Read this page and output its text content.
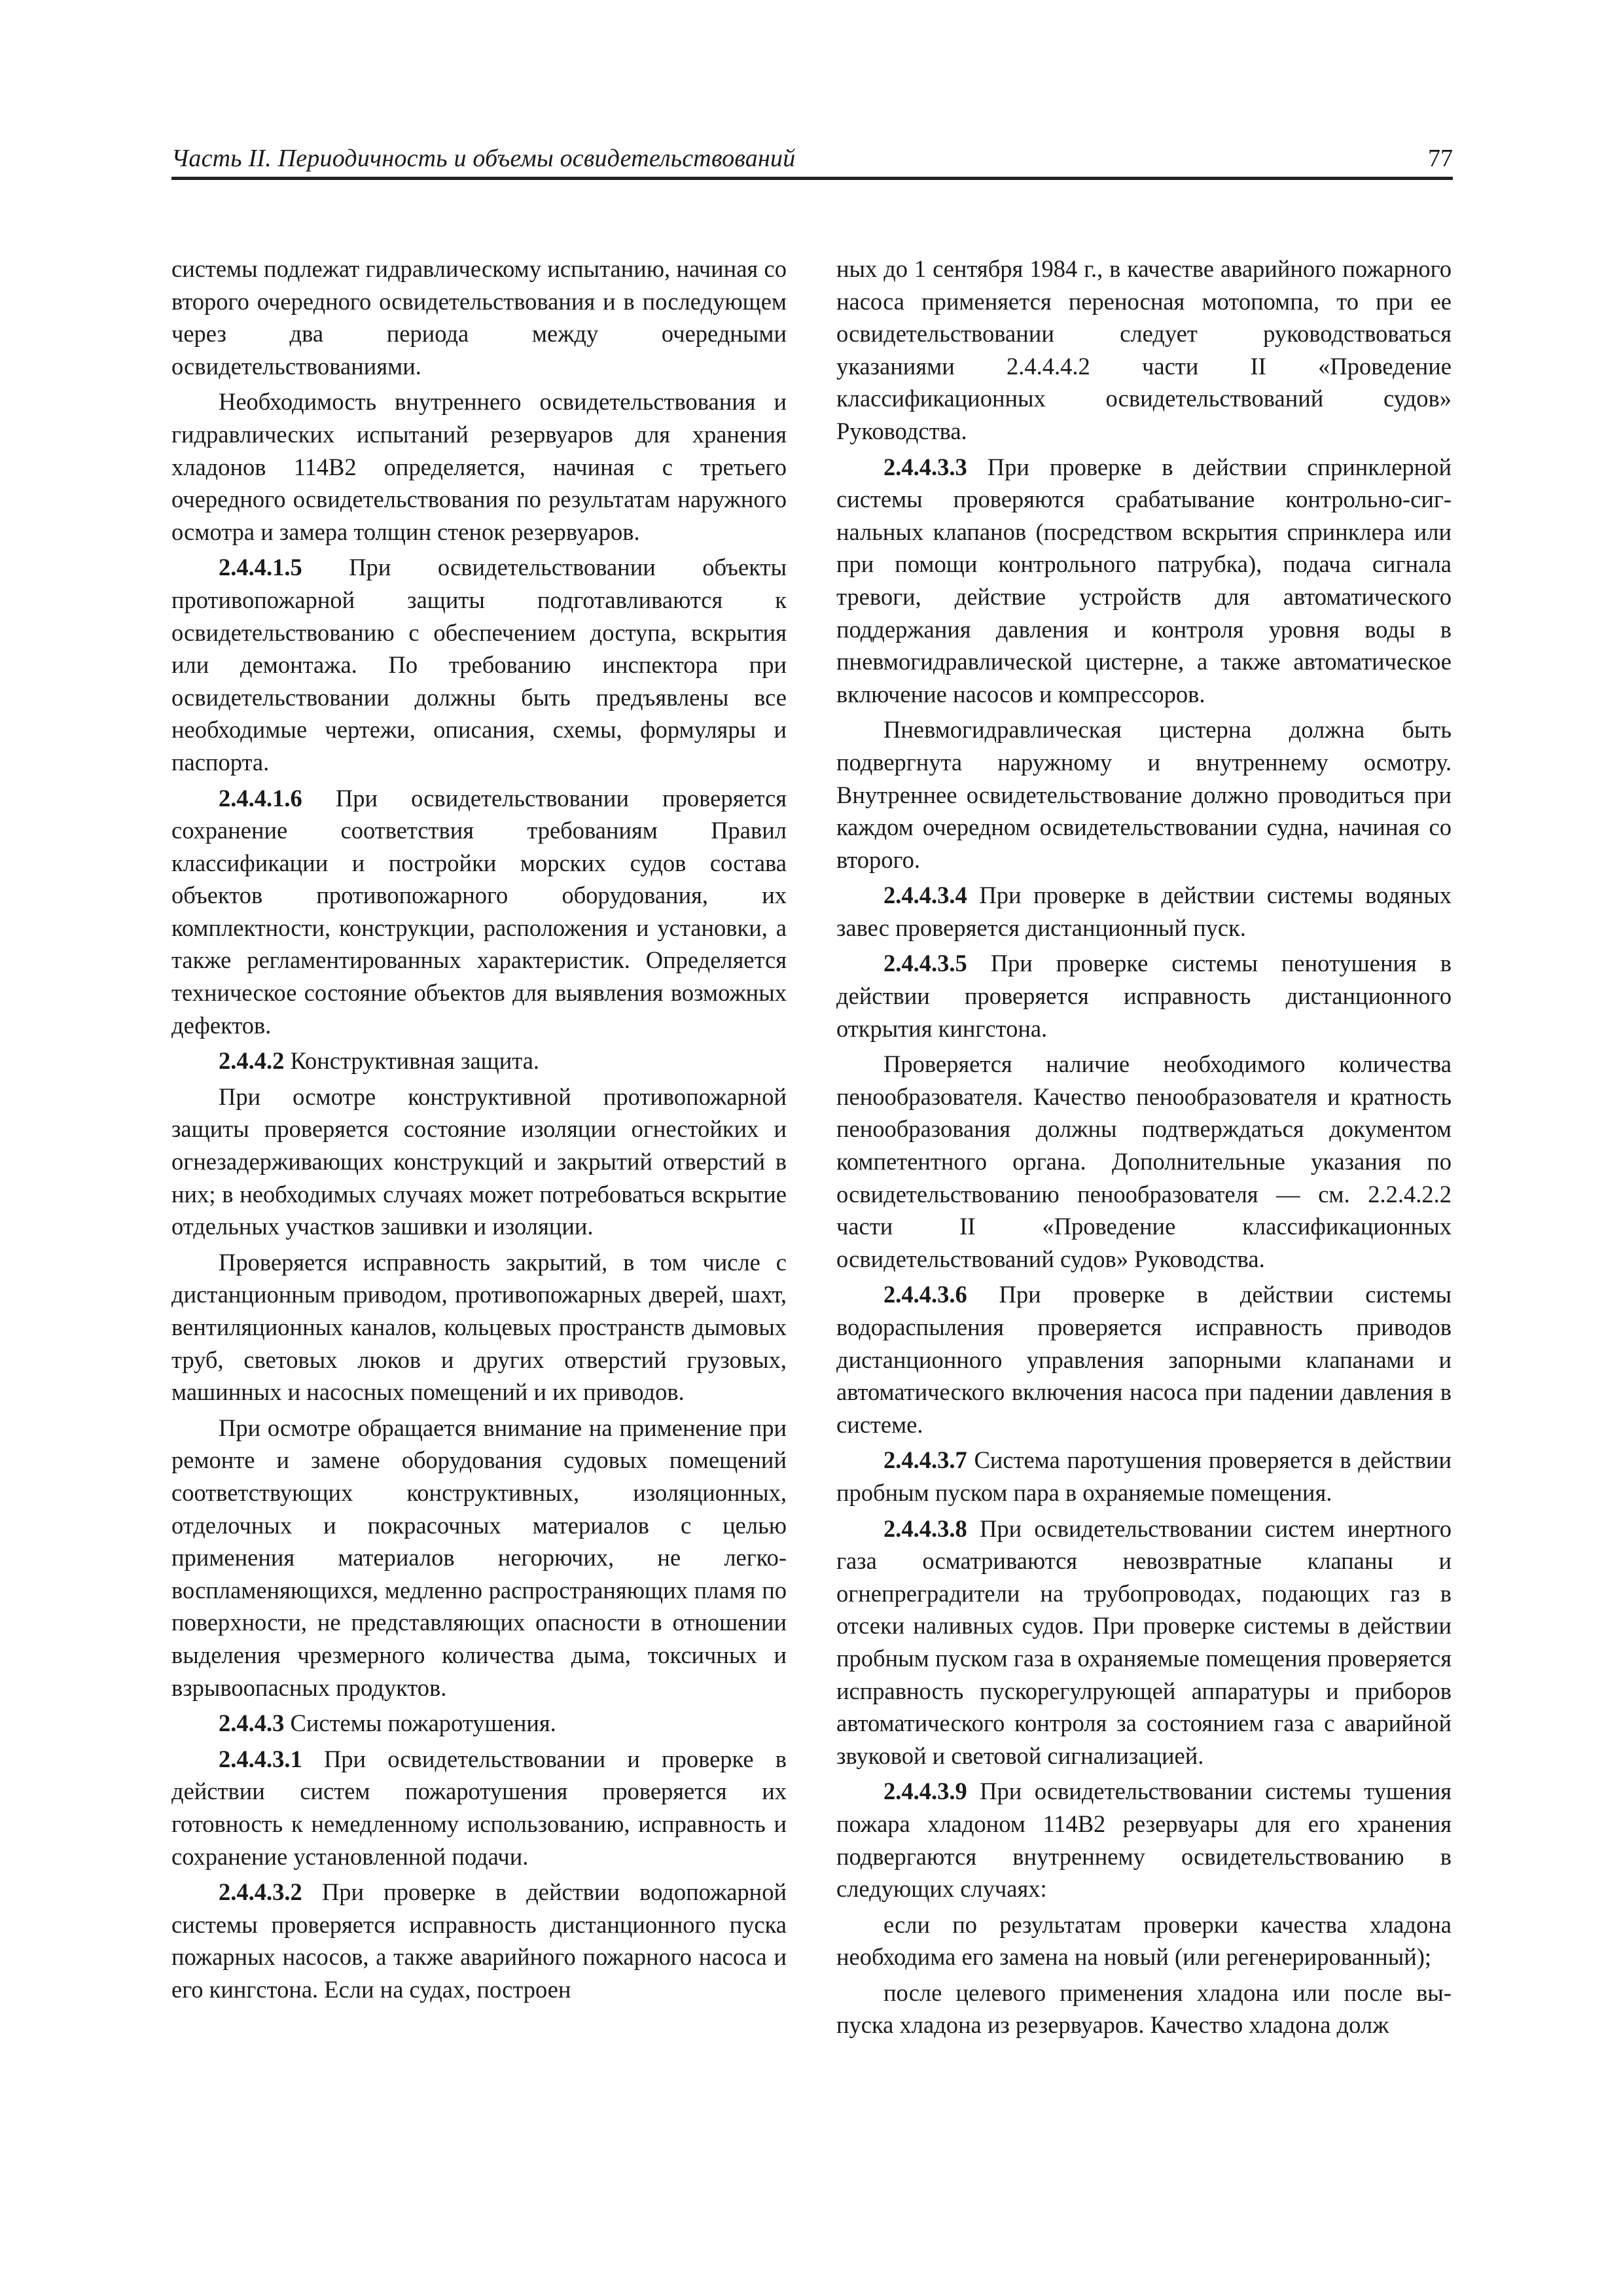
Часть II. Периодичность и объемы освидетельствований	77

системы подлежат гидравлическому испытанию, начиная со второго очередного освидетельствования и в последующем через два периода между очередными освидетельствованиями.

Необходимость внутреннего освидетельствования и гидравлических испытаний резервуаров для хранения хладонов 114В2 определяется, начиная с третьего очередного освидетельствования по результатам наружного осмотра и замера толщин стенок резервуаров.

2.4.4.1.5 При освидетельствовании объекты противопожарной защиты подготавливаются к освидетельствованию с обеспечением доступа, вскрытия или демонтажа. По требованию инспектора при освидетельствовании должны быть предъявлены все необходимые чертежи, описания, схемы, формуляры и паспорта.

2.4.4.1.6 При освидетельствовании проверяется сохранение соответствия требованиям Правил классификации и постройки морских судов состава объектов противопожарного оборудования, их комплектности, конструкции, расположения и установки, а также регламентированных характеристик. Определяется техническое состояние объектов для выявления возможных дефектов.

2.4.4.2 Конструктивная защита.

При осмотре конструктивной противопожарной защиты проверяется состояние изоляции огнестойких и огнезадерживающих конструкций и закрытий отверстий в них; в необходимых случаях может потребоваться вскрытие отдельных участков зашивки и изоляции.

Проверяется исправность закрытий, в том числе с дистанционным приводом, противопожарных дверей, шахт, вентиляционных каналов, кольцевых пространств дымовых труб, световых люков и других отверстий грузовых, машинных и насосных помещений и их приводов.

При осмотре обращается внимание на применение при ремонте и замене оборудования судовых помещений соответствующих конструктивных, изоляционных, отделочных и покрасочных материалов с целью применения материалов негорючих, не легковоспламеняющихся, медленно распространяющих пламя по поверхности, не представляющих опасности в отношении выделения чрезмерного количества дыма, токсичных и взрывоопасных продуктов.

2.4.4.3 Системы пожаротушения.

2.4.4.3.1 При освидетельствовании и проверке в действии систем пожаротушения проверяется их готовность к немедленному использованию, исправность и сохранение установленной подачи.

2.4.4.3.2 При проверке в действии водопожарной системы проверяется исправность дистанционного пуска пожарных насосов, а также аварийного пожарного насоса и его кингстона. Если на судах, построен

ных до 1 сентября 1984 г., в качестве аварийного пожарного насоса применяется переносная мотопомпа, то при ее освидетельствовании следует руководствоваться указаниями 2.4.4.4.2 части II «Проведение классификационных освидетельствований судов» Руководства.

2.4.4.3.3 При проверке в действии спринклерной системы проверяются срабатывание контрольно-сигнальных клапанов (посредством вскрытия спринклера или при помощи контрольного патрубка), подача сигнала тревоги, действие устройств для автоматического поддержания давления и контроля уровня воды в пневмогидравлической цистерне, а также автоматическое включение насосов и компрессоров.

Пневмогидравлическая цистерна должна быть подвергнута наружному и внутреннему осмотру. Внутреннее освидетельствование должно проводиться при каждом очередном освидетельствовании судна, начиная со второго.

2.4.4.3.4 При проверке в действии системы водяных завес проверяется дистанционный пуск.

2.4.4.3.5 При проверке системы пенотушения в действии проверяется исправность дистанционного открытия кингстона.

Проверяется наличие необходимого количества пенообразователя. Качество пенообразователя и кратность пенообразования должны подтверждаться документом компетентного органа. Дополнительные указания по освидетельствованию пенообразователя — см. 2.2.4.2.2 части II «Проведение классификационных освидетельствований судов» Руководства.

2.4.4.3.6 При проверке в действии системы водораспыления проверяется исправность приводов дистанционного управления запорными клапанами и автоматического включения насоса при падении давления в системе.

2.4.4.3.7 Система паротушения проверяется в действии пробным пуском пара в охраняемые помещения.

2.4.4.3.8 При освидетельствовании систем инертного газа осматриваются невозвратные клапаны и огнепреградители на трубопроводах, подающих газ в отсеки наливных судов. При проверке системы в действии пробным пуском газа в охраняемые помещения проверяется исправность пускорегулрующей аппаратуры и приборов автоматического контроля за состоянием газа с аварийной звуковой и световой сигнализацией.

2.4.4.3.9 При освидетельствовании системы тушения пожара хладоном 114В2 резервуары для его хранения подвергаются внутреннему освидетельствованию в следующих случаях:

если по результатам проверки качества хладона необходима его замена на новый (или регенерированный);

после целевого применения хладона или после выпуска хладона из резервуаров. Качество хладона долж
